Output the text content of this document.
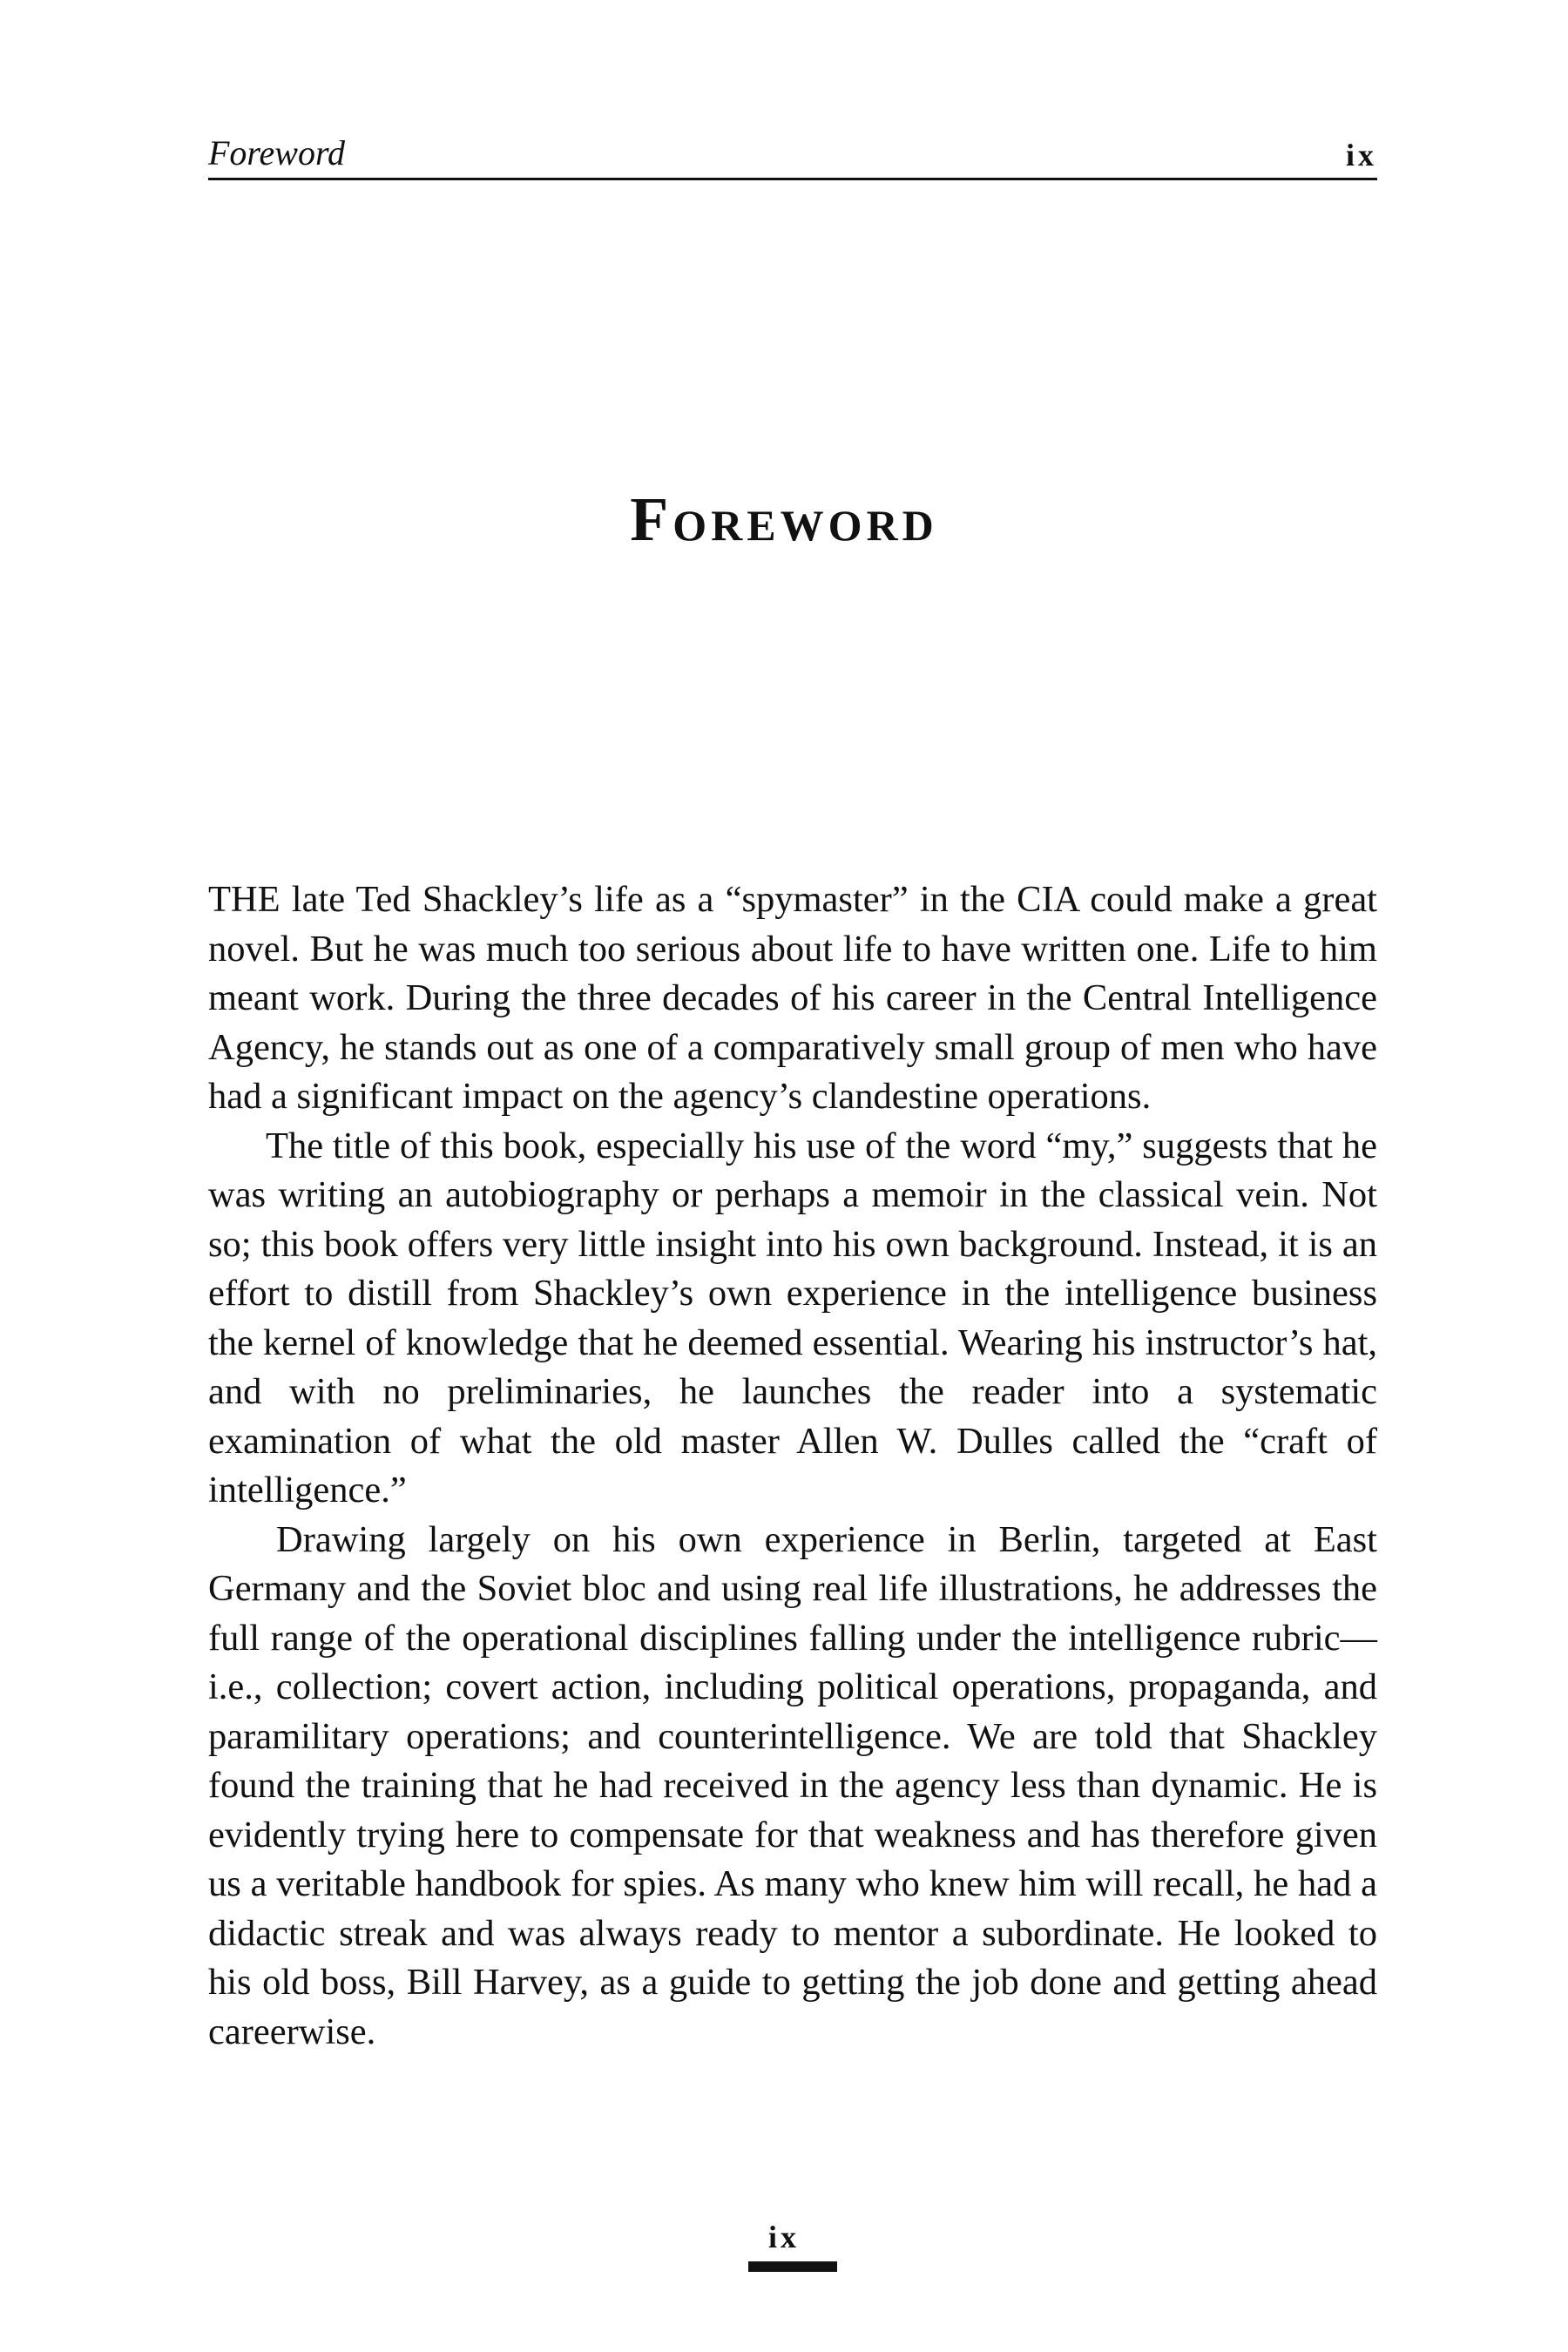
Foreword	ix
Foreword

THE late Ted Shackley’s life as a “spymaster” in the CIA could make a great novel. But he was much too serious about life to have written one. Life to him meant work. During the three decades of his career in the Central Intelligence Agency, he stands out as one of a comparatively small group of men who have had a significant impact on the agency’s clandestine operations.

The title of this book, especially his use of the word “my,” suggests that he was writing an autobiography or perhaps a memoir in the classical vein. Not so; this book offers very little insight into his own background. Instead, it is an effort to distill from Shackley’s own experience in the intelligence business the kernel of knowledge that he deemed essential. Wearing his instructor’s hat, and with no preliminaries, he launches the reader into a systematic examination of what the old master Allen W. Dulles called the “craft of intelligence.”

Drawing largely on his own experience in Berlin, targeted at East Germany and the Soviet bloc and using real life illustrations, he addresses the full range of the operational disciplines falling under the intelligence rubric—i.e., collection; covert action, including political operations, propaganda, and paramilitary operations; and counterintelligence. We are told that Shackley found the training that he had received in the agency less than dynamic. He is evidently trying here to compensate for that weakness and has therefore given us a veritable handbook for spies. As many who knew him will recall, he had a didactic streak and was always ready to mentor a subordinate. He looked to his old boss, Bill Harvey, as a guide to getting the job done and getting ahead careerwise.

ix
